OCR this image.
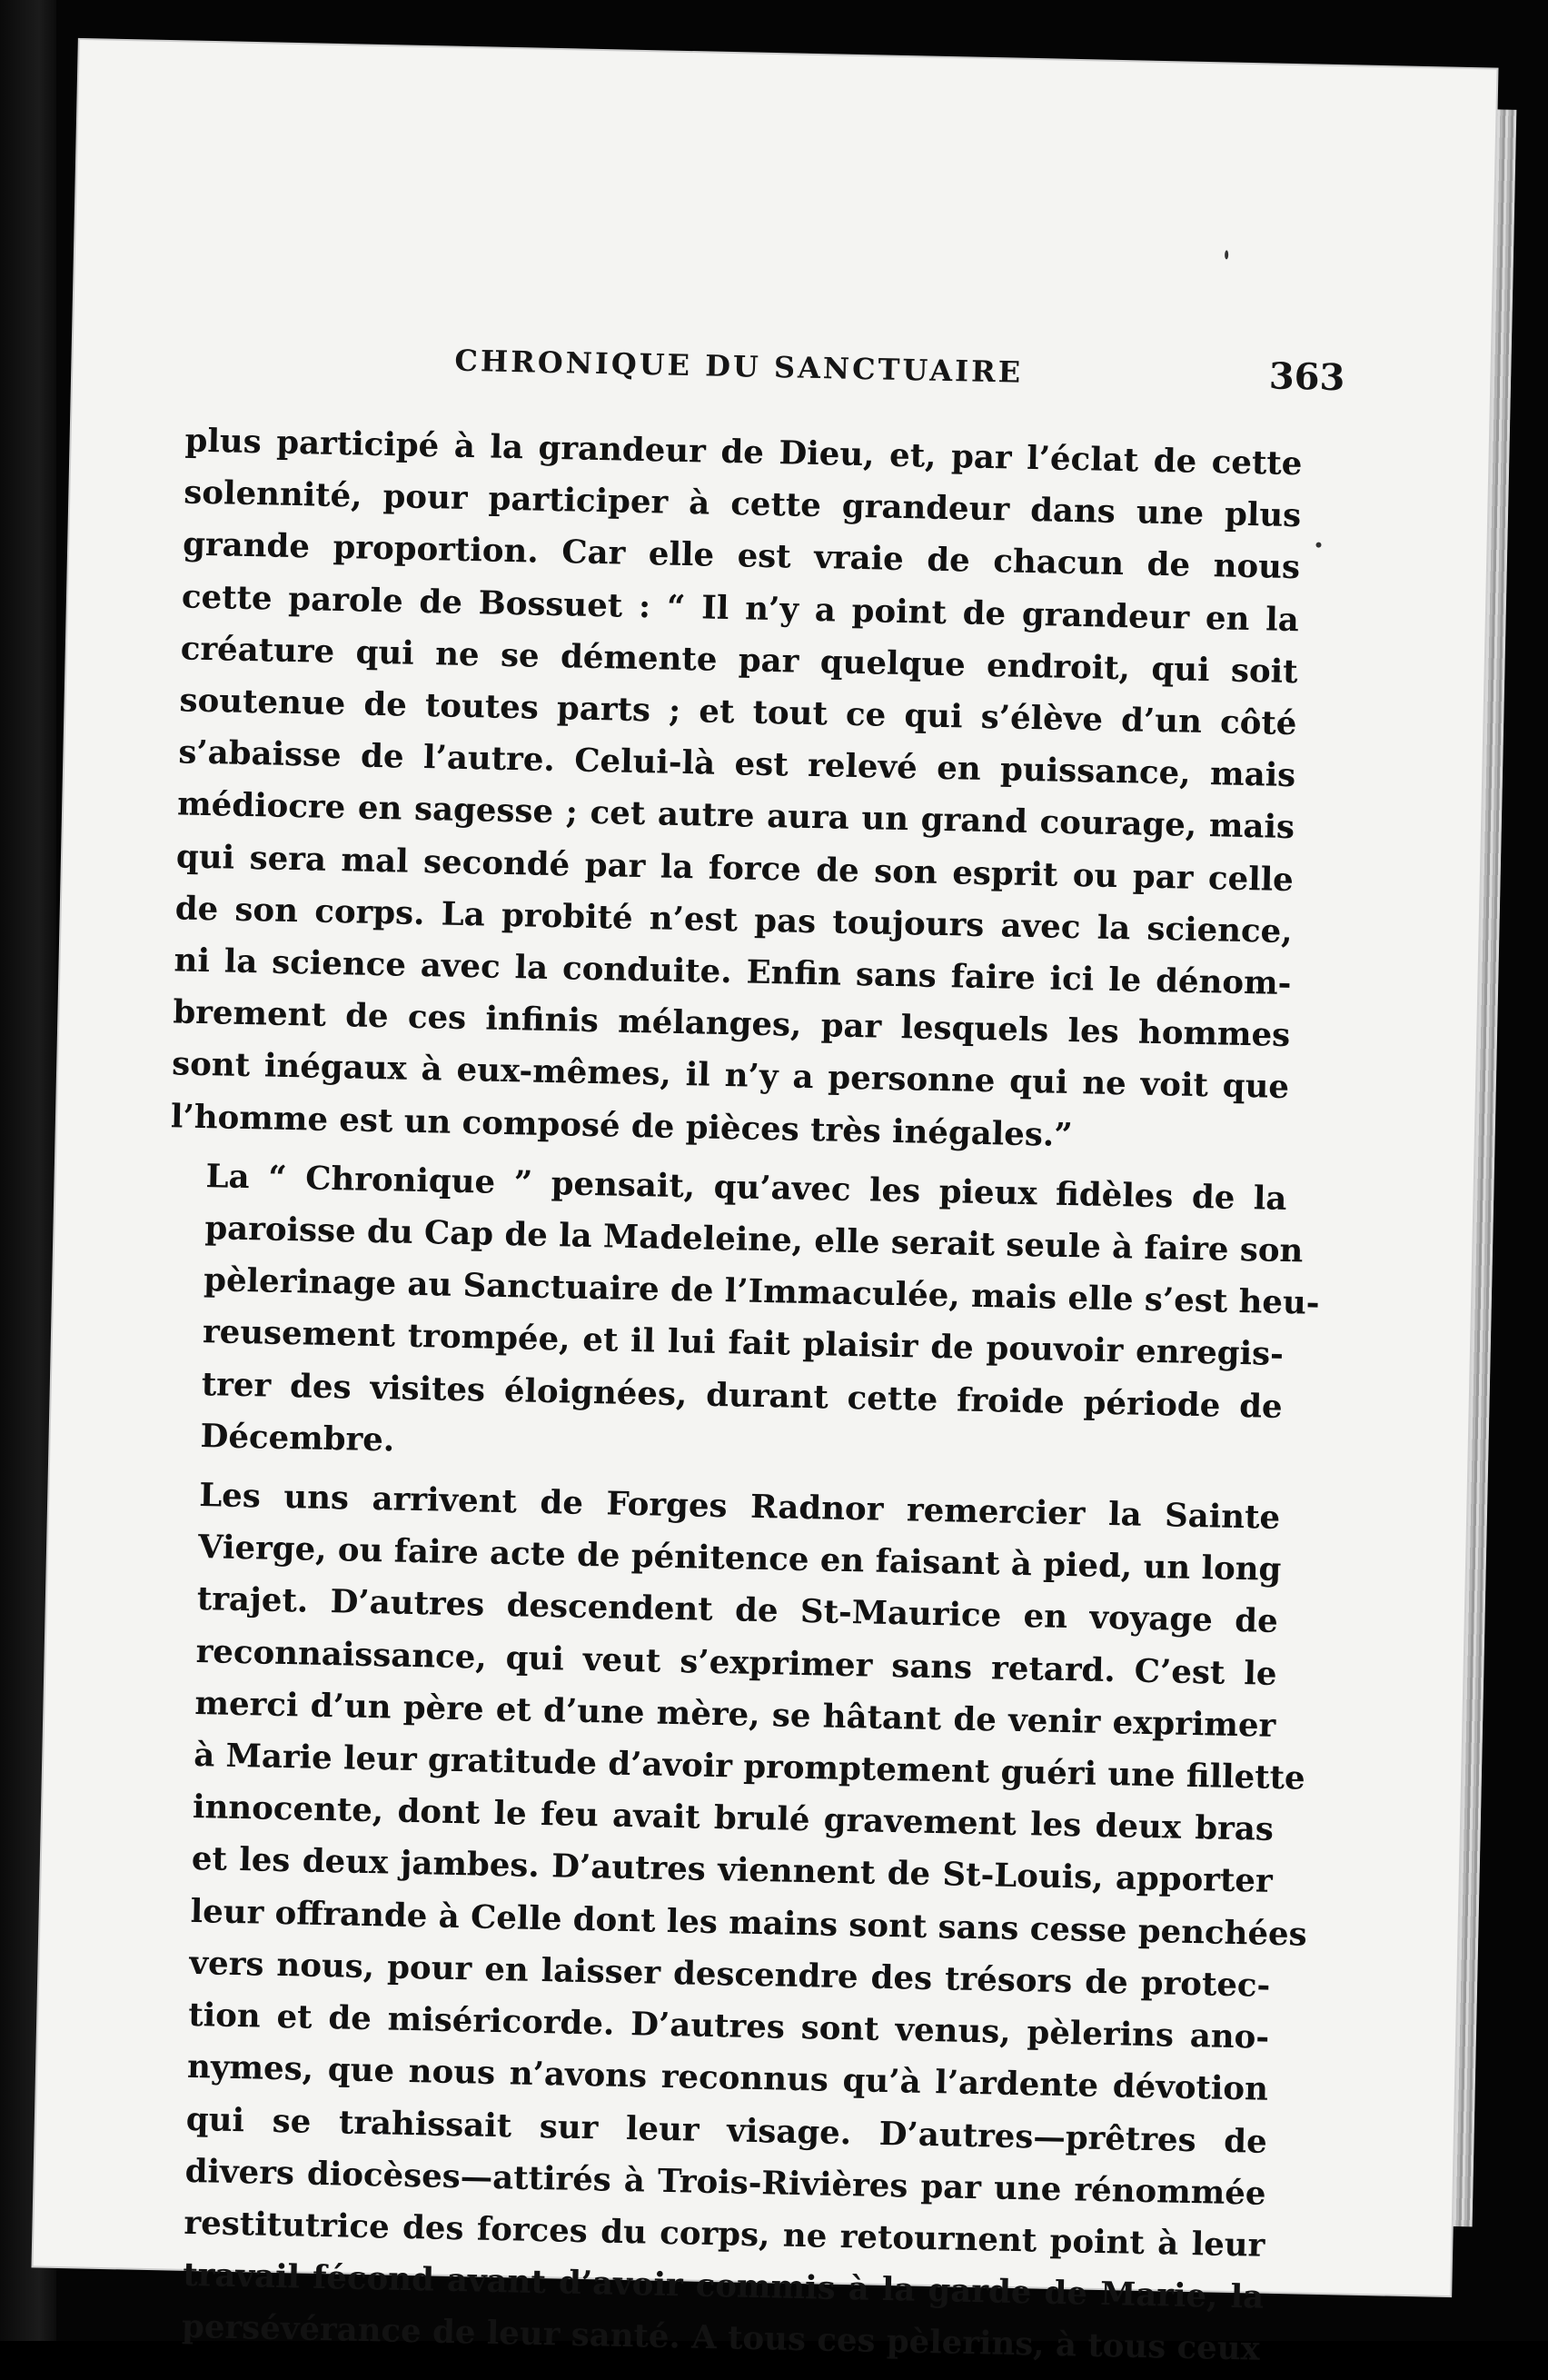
CHRONIQUE DU SANCTUAIRE	363

plus participé à la grandeur de Dieu, et, par l’éclat de cette
solennité, pour participer à cette grandeur dans une plus
grande proportion. Car elle est vraie de chacun de nous
cette parole de Bossuet : “ Il n’y a point de grandeur en la
créature qui ne se démente par quelque endroit, qui soit
soutenue de toutes parts ; et tout ce qui s’élève d’un côté
s’abaisse de l’autre. Celui-là est relevé en puissance, mais
médiocre en sagesse ; cet autre aura un grand courage, mais
qui sera mal secondé par la force de son esprit ou par celle
de son corps. La probité n’est pas toujours avec la science,
ni la science avec la conduite. Enfin sans faire ici le dénom-
brement de ces infinis mélanges, par lesquels les hommes
sont inégaux à eux-mêmes, il n’y a personne qui ne voit que
l’homme est un composé de pièces très inégales.”

La “ Chronique ” pensait, qu’avec les pieux fidèles de la
paroisse du Cap de la Madeleine, elle serait seule à faire son
pèlerinage au Sanctuaire de l’Immaculée, mais elle s’est heu-
reusement trompée, et il lui fait plaisir de pouvoir enregis-
trer des visites éloignées, durant cette froide période de
Décembre.

Les uns arrivent de Forges Radnor remercier la Sainte
Vierge, ou faire acte de pénitence en faisant à pied, un long
trajet. D’autres descendent de St-Maurice en voyage de
reconnaissance, qui veut s’exprimer sans retard. C’est le
merci d’un père et d’une mère, se hâtant de venir exprimer
à Marie leur gratitude d’avoir promptement guéri une fillette
innocente, dont le feu avait brulé gravement les deux bras
et les deux jambes. D’autres viennent de St-Louis, apporter
leur offrande à Celle dont les mains sont sans cesse penchées
vers nous, pour en laisser descendre des trésors de protec-
tion et de miséricorde. D’autres sont venus, pèlerins ano-
nymes, que nous n’avons reconnus qu’à l’ardente dévotion
qui se trahissait sur leur visage. D’autres—prêtres de
divers diocèses—attirés à Trois-Rivières par une rénommée
restitutrice des forces du corps, ne retournent point à leur
travail fécond avant d’avoir commis à la garde de Marie, la
persévérance de leur santé. A tous ces pèlerins, à tous ceux
